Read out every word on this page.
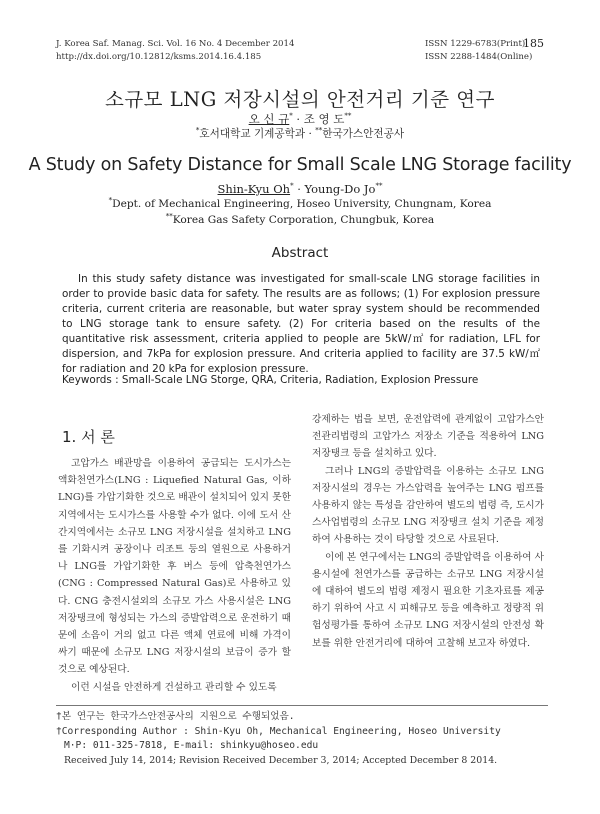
J. Korea Saf. Manag. Sci. Vol. 16 No. 4 December 2014
http://dx.doi.org/10.12812/ksms.2014.16.4.185
ISSN 1229-6783(Print)
ISSN 2288-1484(Online)
185
소규모 LNG 저장시설의 안전거리 기준 연구
오 신 규* · 조 영 도**
*호서대학교 기계공학과 · **한국가스안전공사
A Study on Safety Distance for Small Scale LNG Storage facility
Shin-Kyu Oh* · Young-Do Jo**
*Dept. of Mechanical Engineering, Hoseo University, Chungnam, Korea
**Korea Gas Safety Corporation, Chungbuk, Korea
Abstract

In this study safety distance was investigated for small-scale LNG storage facilities in order to provide basic data for safety. The results are as follows; (1) For explosion pressure criteria, current criteria are reasonable, but water spray system should be recommended to LNG storage tank to ensure safety. (2) For criteria based on the results of the quantitative risk assessment, criteria applied to people are 5kW/㎡ for radiation, LFL for dispersion, and 7kPa for explosion pressure. And criteria applied to facility are 37.5 kW/㎡ for radiation and 20 kPa for explosion pressure.

Keywords : Small-Scale LNG Storge, QRA, Criteria, Radiation, Explosion Pressure
1. 서 론

고압가스 배관망을 이용하여 공급되는 도시가스는 액화천연가스(LNG : Liquefied Natural Gas, 이하 LNG)를 가압기화한 것으로 배관이 설치되어 있지 못한 지역에서는 도시가스를 사용할 수가 없다. 이에 도서 산간지역에서는 소규모 LNG 저장시설을 설치하고 LNG를 기화시켜 공장이나 리조트 등의 열원으로 사용하거나 LNG를 가압기화한 후 버스 등에 압축천연가스(CNG : Compressed Natural Gas)로 사용하고 있다. CNG 충전시설외의 소규모 가스 사용시설은 LNG저장탱크에 형성되는 가스의 증발압력으로 운전하기 때문에 소음이 거의 없고 다른 액체 연료에 비해 가격이 싸기 때문에 소규모 LNG 저장시설의 보급이 증가 할 것으로 예상된다.

이런 시설을 안전하게 건설하고 관리할 수 있도록

강제하는 법을 보면, 운전압력에 관계없이 고압가스안전관리법령의 고압가스 저장소 기준을 적용하여 LNG 저장탱크 등을 설치하고 있다.

그러나 LNG의 증발압력을 이용하는 소규모 LNG 저장시설의 경우는 가스압력을 높여주는 LNG 펌프를 사용하지 않는 특성을 감안하여 별도의 법령 즉, 도시가스사업법령의 소규모 LNG 저장탱크 설치 기준을 제정하여 사용하는 것이 타당할 것으로 사료된다.

이에 본 연구에서는 LNG의 증발압력을 이용하여 사용시설에 천연가스를 공급하는 소규모 LNG 저장시설에 대하여 별도의 법령 제정시 필요한 기초자료를 제공하기 위하여 사고 시 피해규모 등을 예측하고 정량적 위험성평가를 통하여 소규모 LNG 저장시설의 안전성 확보를 위한 안전거리에 대하여 고찰해 보고자 하였다.

†본 연구는 한국가스안전공사의 지원으로 수행되었음.
†Corresponding Author : Shin-Kyu Oh, Mechanical Engineering, Hoseo University
M·P: 011-325-7818, E-mail: shinkyu@hoseo.edu
Received July 14, 2014; Revision Received December 3, 2014; Accepted December 8 2014.
